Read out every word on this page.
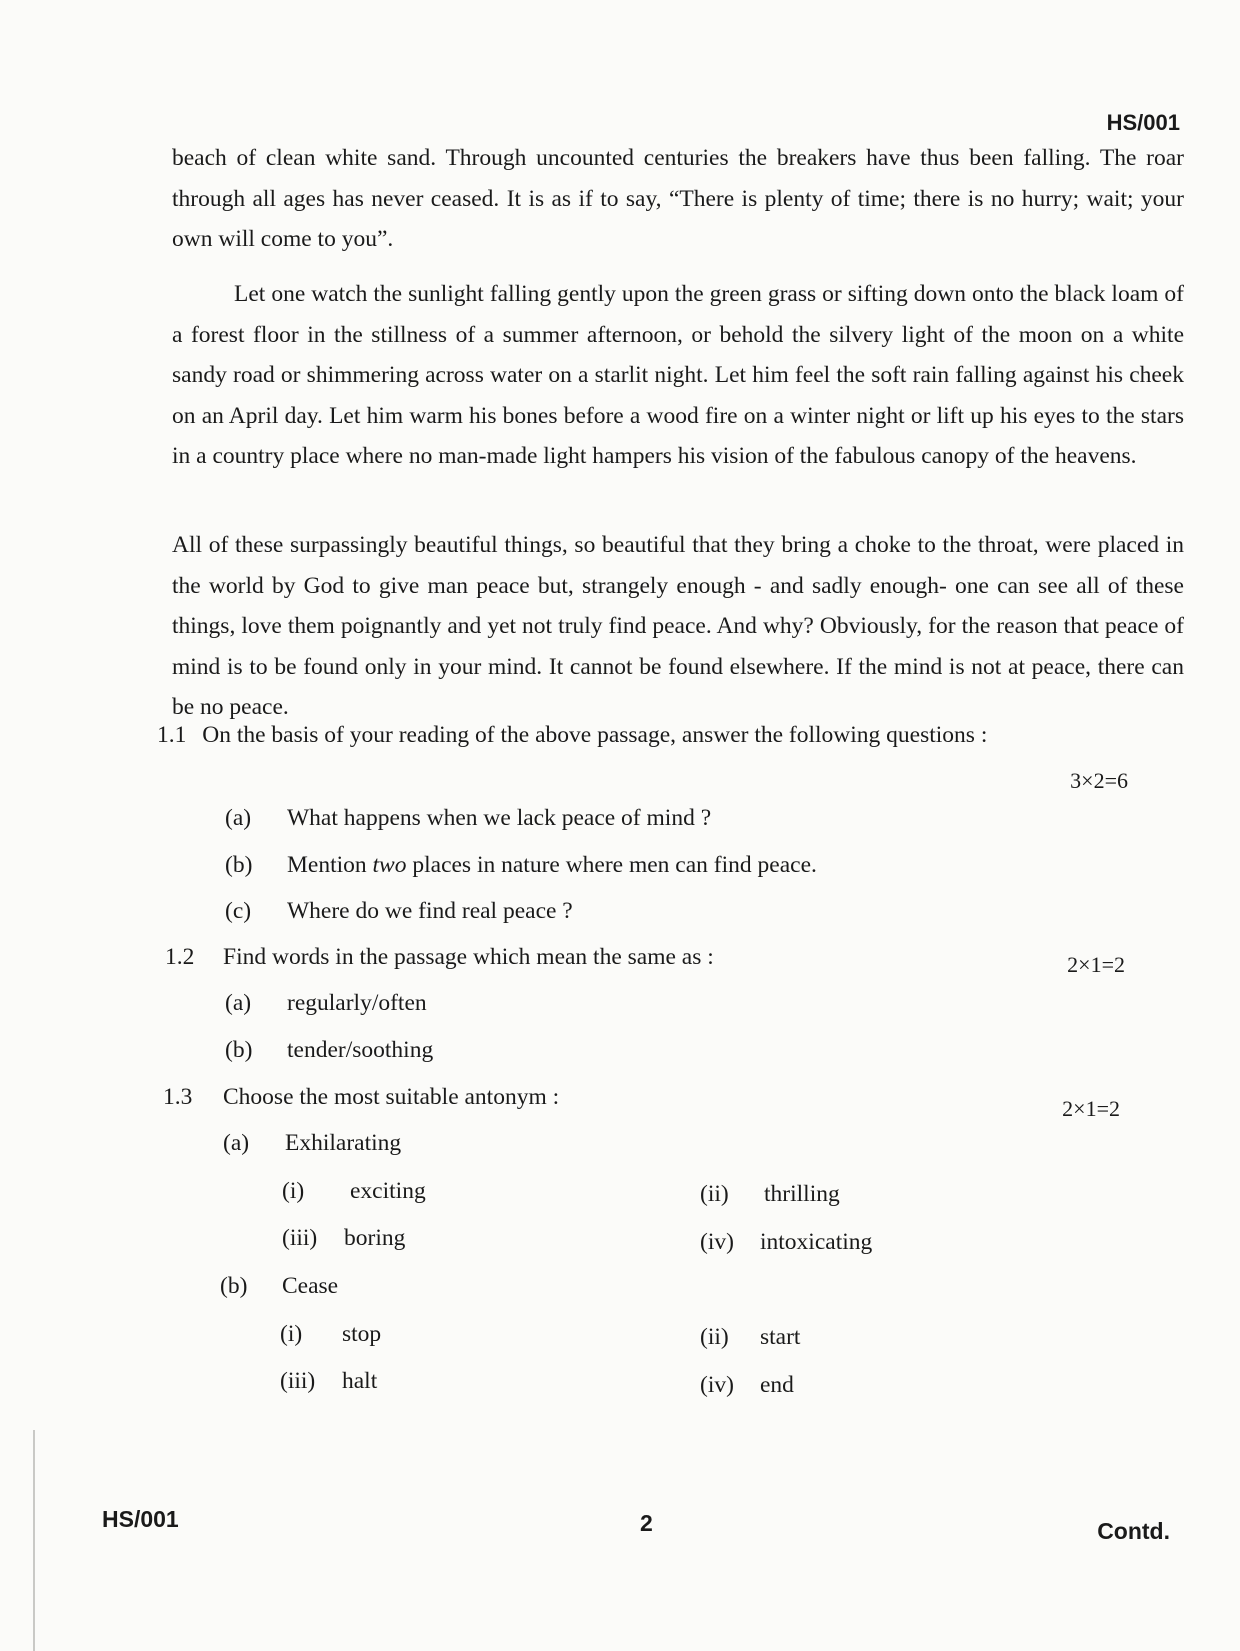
HS/001

beach of clean white sand. Through uncounted centuries the breakers have thus been falling. The roar through all ages has never ceased. It is as if to say, “There is plenty of time; there is no hurry; wait; your own will come to you”.

Let one watch the sunlight falling gently upon the green grass or sifting down onto the black loam of a forest floor in the stillness of a summer afternoon, or behold the silvery light of the moon on a white sandy road or shimmering across water on a starlit night. Let him feel the soft rain falling against his cheek on an April day. Let him warm his bones before a wood fire on a winter night or lift up his eyes to the stars in a country place where no man-made light hampers his vision of the fabulous canopy of the heavens.

All of these surpassingly beautiful things, so beautiful that they bring a choke to the throat, were placed in the world by God to give man peace but, strangely enough - and sadly enough- one can see all of these things, love them poignantly and yet not truly find peace. And why? Obviously, for the reason that peace of mind is to be found only in your mind. It cannot be found elsewhere. If the mind is not at peace, there can be no peace.

1.1 On the basis of your reading of the above passage, answer the following questions :
3×2=6
(a) What happens when we lack peace of mind ?
(b) Mention two places in nature where men can find peace.
(c) Where do we find real peace ?
1.2 Find words in the passage which mean the same as :	2×1=2
(a) regularly/often
(b) tender/soothing
1.3 Choose the most suitable antonym :	2×1=2
(a) Exhilarating
(i) exciting	(ii) thrilling
(iii) boring	(iv) intoxicating
(b) Cease
(i) stop	(ii) start
(iii) halt	(iv) end
HS/001	2	Contd.
